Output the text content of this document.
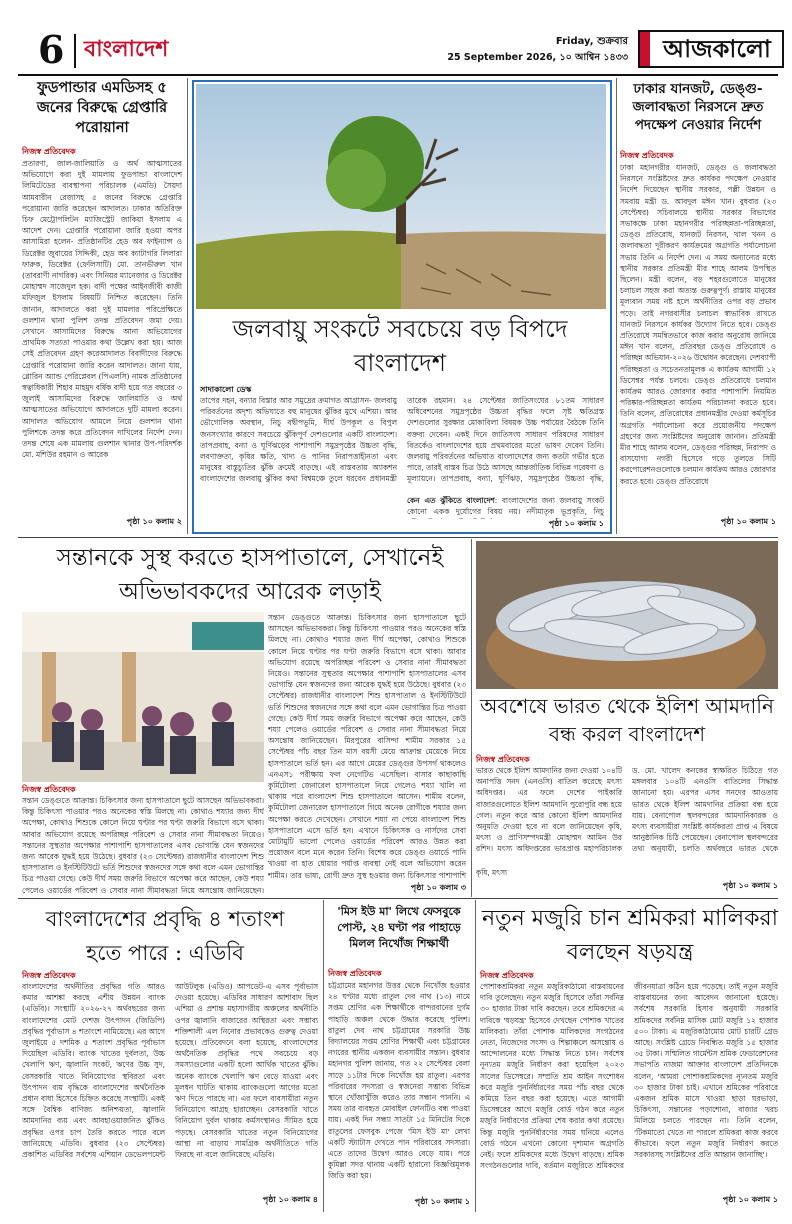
6 বাংলাদেশ	Friday, শুক্রবার
25 September 2026, ১০ আশ্বিন ১৪৩৩	আজকালো
ফুডপান্ডার এমডিসহ ৫ জনের বিরুদ্ধে গ্রেপ্তারি পরোয়ানা
নিজস্ব প্রতিবেদক
প্রতারণা, জাল-জালিয়াতি ও অর্থ আত্মসাতের অভিযোগে করা দুই মামলায় ফুডপান্ডা বাংলাদেশ লিমিটেডের ব্যবস্থাপনা পরিচালক (এমডি) সৈয়দা আমবারীন রেজাসহ ৫ জনের বিরুদ্ধে গ্রেপ্তারি পরোয়ানা জারি করেছেন আদালত। ঢাকার অতিরিক্ত চিফ মেট্রোপলিটন ম্যাজিস্ট্রেট জাকিয়া ইসলাম এ আদেশ দেন। গ্রেপ্তারি পরোয়ানা জারি হওয়া অপর আসামিরা হলেন- প্রতিষ্ঠানটির হেড অব ফাইন্যান্স ও ডিরেক্টর জুবায়ের সিদ্দিকী, হেড অব ক্যাটাগরি লিলারা ফারুক, ডিরেক্টর (ফেলিসাটি) মো. তানভীরুল খান (তাবরাণী নাগরিক) এবং সিনিয়র ম্যানেজার ও ডিরেক্টর মোহাম্মদ সাজেদুল হক। বাদী পক্ষের আইনজীবী কাজী মফিজুল ইসলাম বিষয়টি নিশ্চিত করেছেন। তিনি জানান, আদালতে করা দুই মামলার পরিপ্রেক্ষিতে গুলশান থানা পুলিশ তদন্ত প্রতিবেদন জমা দেয়। সেখানে আসামিদের বিরুদ্ধে আনা অভিযোগের প্রাথমিক সত্যতা পাওয়ার কথা উল্লেখ করা হয়। আজ সেই প্রতিবেদন গ্রহণ করেআদালত বিবাদীদের বিরুদ্ধে গ্রেপ্তারি পরোয়ানা জারি করেন আদালত। জানা যায়, গ্লোরিন অ্যান্ড পেরিপ্লেবল (পিএলসি) নামক প্রতিষ্ঠানের স্বত্বাধিকারী শিহাব মাহমুদ বর্ষিক বাদী হয়ে গত বছরের ৩ জুলাই আসামিদের বিরুদ্ধে জালিয়াতি ও অর্থ আত্মসাতের অভিযোগে আদালতে দুটি মামলা করেন। আদালত অভিযোগ আমলে নিয়ে গুলশান থানা পুলিশকে তদন্ত করে প্রতিবেদন দাখিলের নির্দেশ দেন। তদন্ত শেষে এক মামলায় গুলশান থানার উপ-পরিদর্শক মো. মশিউর রহমান ও আরেক
পৃষ্ঠা ১০ কলাম ২
জলবায়ু সংকটে সবচেয়ে বড় বিপদে বাংলাদেশ
সাদাকালো ডেস্ক
তাপের দহন, বন্যার বিস্তার আর সমুদ্রের ক্রমাগত আগ্রাসন- জলবায়ু পরিবর্তনের অদৃশ্য অভিঘাতে বহু মানুষের ঝুঁকির মুখে এশিয়া। আর ভৌগোলিক অবস্থান, নিচু বদ্বীপভূমি, দীর্ঘ উপকূল ও বিপুল জনসংখ্যার কারণে সবচেয়ে ঝুঁকিপূর্ণ দেশগুলোর একটি বাংলাদেশ। তাপপ্রবাহ, বন্যা ও ঘূর্ণিঝড়ের পাশাপাশি সমুদ্রপৃষ্ঠের উচ্চতা বৃদ্ধি, লবণাক্ততা, কৃষির ক্ষতি, খাদ্য ও পানির নিরাপত্তাহীনতা এবং মানুষের বাস্তুচ্যুতির ঝুঁকি ক্রমেই বাড়ছে। এই বাস্তবতায় অ্যাকশন বাংলাদেশের জলবায়ু ঝুঁকির কথা বিশ্বমঞ্চে তুলে ধরবেন প্রধানমন্ত্রী তারেক রহমান। ২৪ সেপ্টেম্বর জাতিসংঘের ৮১তম সাধারণ অধিবেশনের সমুদ্রপৃষ্ঠের উচ্চতা বৃদ্ধির ফলে সৃষ্ট ক্ষতিগ্রস্ত দেশগুলোর সুরক্ষার মোকাবিলা বিষয়ক উচ্চ পর্যায়ের বৈঠকে তিনি বক্তব্য দেবেন। একই দিনে জাতিসংঘ সাধারণ পরিষদের সাধারণ বিতর্কেও বাংলাদেশের হয়ে প্রথমবারের মতো ভাষণ দেবেন তিনি। জলবায়ু পরিবর্তনের অভিঘাত বাংলাদেশের জন্য কতটা গভীর হতে পারে, তারই বাস্তব চিত্র উঠে আসছে আন্তর্জাতিক বিভিন্ন গবেষণা ও মূল্যায়নে। তাপপ্রবাহ, বন্যা, ঘূর্ণিঝড়, সমুদ্রপৃষ্ঠের উচ্চতা বৃদ্ধি,
কেন এত ঝুঁকিতে বাংলাদেশ: বাংলাদেশের জন্য জলবায়ু সংকট কোনো একক দুর্যোগের বিষয় নয়। নদীমাতৃক ভূপ্রকৃতি, নিচু
পৃষ্ঠা ১০ কলাম ১
ঢাকার যানজট, ডেঙ্গু-জলাবদ্ধতা নিরসনে দ্রুত পদক্ষেপ নেওয়ার নির্দেশ
নিজস্ব প্রতিবেদক
ঢাকা মহানগরীর যানজট, ডেঙ্গু ও জলাবদ্ধতা নিরসনে সংশ্লিষ্টদের দ্রুত কার্যকর পদক্ষেপ নেওয়ার নির্দেশ দিয়েছেন স্থানীয় সরকার, পল্লী উন্নয়ন ও সমবায় মন্ত্রী ড. আবদুল মঈন খান। বুধবার (২৩ সেপ্টেম্বর) সচিবালয়ে স্থানীয় সরকার বিভাগের সভাকক্ষে ঢাকা মহানগরীর পরিচ্ছন্নতা-পরিচ্ছন্নতা, ডেঙ্গু প্রতিরোধ, যানজট নিরসন, খাল খনন ও জলাবদ্ধতা দূরীকরণ কার্যক্রমের অগ্রগতি পর্যালোচনা সভায় তিনি এ নির্দেশ দেন। এ সময় অন্যান্যের মধ্যে স্থানীয় সরকার প্রতিমন্ত্রী মীর শাহে আলম উপস্থিত ছিলেন। মন্ত্রী বলেন, বড় শহরগুলোতে মানুষের চলাচল সহজ করা অত্যন্ত গুরুত্বপূর্ণ। রাস্তায় মানুষের মূল্যবান সময় নষ্ট হলে অর্থনীতির ওপর বড় প্রভাব পড়ে। তাই নগরবাসীর চলাচল স্বাভাবিক রাখতে যানজট নিরসনে কার্যকর উদ্যোগ নিতে হবে। ডেঙ্গু প্রতিরোধে সমন্বিতভাবে কাজ করার অনুরোধ জানিয়ে মঈন খান বলেন, প্রতিবছর ডেঙ্গু প্রতিরোধে ও পরিচ্ছন্ন অভিযান-২০২৬ উদ্বোধন করেছেন। দেশব্যাপী পরিচ্ছন্নতা ও সচেতনতামূলক এ কার্যক্রম আগামী ১২ ডিসেম্বর পর্যন্ত চলবে। ডেঙ্গু প্রতিরোধে চলমান কার্যক্রম আরও জোরদার করার পাশাপাশি নিয়মিত পরিষ্কার-পরিচ্ছন্নতা কার্যক্রম পরিচালনা করতে হবে। তিনি বলেন, প্রতিরোধের প্রধানমন্ত্রীর দেওয়া কর্মসূচির অগ্রগতি পর্যালোচনা করে প্রয়োজনীয় পদক্ষেপ গ্রহণের জন্য সংশ্লিষ্টদের অনুরোধ জানান। প্রতিমন্ত্রী মীর শাহে আলম বলেন, ডেঙ্গুর পরিচ্ছন্ন, নিরাপদ ও বাসযোগ্য নগরী হিসেবে গড়ে তুলতে সিটি করপোরেশনগুলোকে চলমান কার্যক্রম আরও জোরদার করতে হবে। ডেঙ্গু প্রতিরোধে
পৃষ্ঠা ১০ কলাম ১
সন্তানকে সুস্থ করতে হাসপাতালে, সেখানেই অভিভাবকদের আরেক লড়াই
নিজস্ব প্রতিবেদক
সন্তান ডেঙ্গুতে আক্রান্ত। চিকিৎসার জন্য হাসপাতালে ছুটে আসছেন অভিভাবকরা। কিন্তু চিকিৎসা পাওয়ার পরও অনেকের স্বস্তি মিলছে না। কোথাও শয্যার জন্য দীর্ঘ অপেক্ষা, কোথাও শিশুকে কোলে নিয়ে ঘণ্টার পর ঘণ্টা জরুরি বিভাগে বসে থাকা। আবার অভিযোগ রয়েছে অপরিচ্ছন্ন পরিবেশ ও সেবার নানা সীমাবদ্ধতা নিয়েও। সন্তানের সুস্থতার অপেক্ষার পাশাপাশি হাসপাতালের এসব ভোগান্তি যেন স্বজনদের জন্য আরেক যুদ্ধই হয়ে উঠেছে। বুধবার (২৩ সেপ্টেম্বর) রাজধানীর বাংলাদেশ শিশু হাসপাতাল ও ইনস্টিটিউটে ভর্তি শিশুদের স্বজনদের সঙ্গে কথা বলে এমন ভোগান্তির চিত্র পাওয়া গেছে। কেউ দীর্ঘ সময় জরুরি বিভাগে অপেক্ষা করে আছেন, কেউ শয্যা পেলেও ওয়ার্ডের পরিবেশ ও সেবার নানা সীমাবদ্ধতা নিয়ে অসন্তোষ জানিয়েছেন।
সন্তান ডেঙ্গুতে আক্রান্ত। চিকিৎসার জন্য হাসপাতালে ছুটে আসছেন অভিভাবকরা। কিন্তু চিকিৎসা পাওয়ার পরও অনেকের স্বস্তি মিলছে না। কোথাও শয্যার জন্য দীর্ঘ অপেক্ষা, কোথাও শিশুকে কোলে নিয়ে ঘণ্টার পর ঘণ্টা জরুরি বিভাগে বসে থাকা। আবার অভিযোগ রয়েছে অপরিচ্ছন্ন পরিবেশ ও সেবার নানা সীমাবদ্ধতা নিয়েও। সন্তানের সুস্থতার অপেক্ষার পাশাপাশি হাসপাতালের এসব ভোগান্তি যেন স্বজনদের জন্য আরেক যুদ্ধই হয়ে উঠেছে। বুধবার (২৩ সেপ্টেম্বর) রাজধানীর বাংলাদেশ শিশু হাসপাতাল ও ইনস্টিটিউটে ভর্তি শিশুদের স্বজনদের সঙ্গে কথা বলে এমন ভোগান্তির চিত্র পাওয়া গেছে। কেউ দীর্ঘ সময় জরুরি বিভাগে অপেক্ষা করে আছেন, কেউ শয্যা পেলেও ওয়ার্ডের পরিবেশ ও সেবার নানা সীমাবদ্ধতা নিয়ে অসন্তোষ জানিয়েছেন। মিরপুরের বাসিন্দা শামীম সরকার ১৫ সেপ্টেম্বর পাঁচ বছর তিন মাস বয়সী মেয়ে আক্রান্ত মেয়েকে নিয়ে হাসপাতালে ভর্তি হন। এর আগে মেয়ের ডেঙ্গুর উপসর্গ থাকলেও এনএস১ পরীক্ষায় ফল নেগেটিভ এসেছিল। বাসার কাছাকাছি কুর্মিটোলা জেনারেল হাসপাতালে নিয়ে গেলেও শয্যা খালি না থাকায় পরে বাংলাদেশ শিশু হাসপাতালে আসেন। শামীম বলেন, কুর্মিটোলা জেনারেল হাসপাতালে গিয়ে অনেক রোগীকে শয্যার জন্য অপেক্ষা করতে দেখেছেন। সেখানে শয্যা না পেয়ে বাংলাদেশ শিশু হাসপাতালে এসে ভর্তি হন। এখানে চিকিৎসক ও নার্সদের সেবা মোটামুটি ভালো পেলেও ওয়ার্ডের পরিবেশ আরও উন্নত করা প্রয়োজন বলে মনে করেন তিনি। বিশেষ করে ডেঙ্গু ওয়ার্ডে পানি খাওয়া বা হাত ধোয়ার পর্যাপ্ত ব্যবস্থা নেই বলে অভিযোগ করেন শামীম। তার ভাষ্য, রোগী দ্রুত সুস্থ হওয়ার জন্য চিকিৎসার পাশাপাশি
পৃষ্ঠা ১০ কলাম ৩
অবশেষে ভারত থেকে ইলিশ আমদানি বন্ধ করল বাংলাদেশ
নিজস্ব প্রতিবেদক
ভারত থেকে ইলিশ আমদানির জন্য দেওয়া ১০৪টি অনাপত্তি সনদ (এনওসি) বাতিল করেছে মৎস্য অধিদপ্তর। এর ফলে দেশের পাইকারি বাজারগুলোতে ইলিশ আমদানি পুরোপুরি বন্ধ হয়ে গেল। নতুন করে আর কোনো ইলিশ আমদানির অনুমতি দেওয়া হবে না বলে জানিয়েছেন কৃষি, মৎস্য ও প্রাণিসম্পদমন্ত্রী মোহাম্মদ আমিন উর রশিদ। মৎস্য অধিদপ্তরের ভারপ্রাপ্ত মহাপরিচালক ড. মো. খালেদ কনকের স্বাক্ষরিত চিঠিতে গত মঙ্গলবার ১০৪টি এনওসি বাতিলের সিদ্ধান্ত জানানো হয়। এরপর এসব সনদের আওতায় ভারত থেকে ইলিশ আমদানির প্রক্রিয়া বন্ধ হয়ে যায়। বেনাপোল স্থলবন্দরের আমদানিকারক ও মৎস্য ব্যবসায়ীরা সংশ্লিষ্ট কার্যকরতা প্রাপ্ত এ বিষয়ে আনুষ্ঠানিক চিঠি পেয়েছেন। বেনাপোল স্থলবন্দরের তথ্য অনুযায়ী, চলতি অর্থবছরে ভারত থেকে
কৃষি, মৎস্য
পৃষ্ঠা ১০ কলাম ১
বাংলাদেশের প্রবৃদ্ধি ৪ শতাংশ হতে পারে : এডিবি
নিজস্ব প্রতিবেদক
বাংলাদেশের অর্থনীতির প্রবৃদ্ধির গতি আরও কমার আশঙ্কা করছে এশীয় উন্নয়ন ব্যাংক (এডিবি)। সংস্থাটি ২০২৬-২৭ অর্থবছরের জন্য বাংলাদেশের মোট দেশজ উৎপাদন (জিডিপি) প্রবৃদ্ধির পূর্বাভাস ৪ শতাংশে নামিয়েছে। এর আগে জুলাইয়ে ৫ দশমিক ৫ শতাংশ প্রবৃদ্ধির পূর্বাভাস দিয়েছিল এডিবি। ব্যাংক খাতের দুর্বলতা, উচ্চ খেলাপি ঋণ, জ্বালানি সংকট, ঋণের উচ্চ সুদ, বেসরকারি খাতে বিনিয়োগের স্থবিরতা এবং উৎপাদন ব্যয় বৃদ্ধিকে বাংলাদেশের অর্থনৈতিক প্রধান বাধা হিসেবে চিহ্নিত করেছে সংস্থাটি। একই সঙ্গে বৈশ্বিক বাণিজ্য অনিশ্চয়তা, জ্বালানি আমদানির ব্যয় এবং আবহাওয়াজনিত ঝুঁকিও প্রবৃদ্ধির ওপর চাপ তৈরি করতে পারে বলে জানিয়েছে এডিবি। বুধবার (২৩ সেপ্টেম্বর) প্রকাশিত এডিবির সর্বশেষ এশিয়ান ডেভেলপমেন্ট আউটলুক (এডিও) আপডেট-এ এসব পূর্বাভাস দেওয়া হয়েছে। এডিবির সাধারণ আশাবাদ ছিল এশিয়া ও প্রশান্ত মহাসাগরীয় অঞ্চলের অর্থনীতি ওপর জ্বালানি বাজারের অস্থিরতা এবং সম্ভাব্য শক্তিশালী এল নিনোর প্রভাবকেও গুরুত্ব দেওয়া হয়েছে। প্রতিবেদনে বলা হয়েছে, বাংলাদেশের অর্থনৈতিক প্রবৃদ্ধির পথে সবচেয়ে বড় সমস্যাগুলোর একটি হলো আর্থিক খাতের ঝুঁকি। অনেক ব্যাংকে খেলাপি ঋণ বেড়ে যাওয়া এবং মূলধন ঘাটতি থাকায় ব্যাংকগুলো আগের মতো ঋণ দিতে পারছে না। এর ফলে ব্যবসায়ীরা নতুন বিনিয়োগে আগ্রহ হারাচ্ছেন। বেসরকারি খাতে বিনিয়োগ দুর্বল থাকায় কর্মসংস্থানও সীমিত হয়ে পড়ছে। বেসরকারি খাতের নতুন বিনিয়োগের আস্থা না বাড়ায় সামগ্রিক অর্থনীতিতে গতি ফিরছে না বলে জানিয়েছে এডিবি।
পৃষ্ঠা ১০ কলাম ৪
'মিস ইউ মা' লিখে ফেসবুকে পোস্ট, ২৪ ঘণ্টা পর পাহাড়ে মিলল নিখোঁজ শিক্ষার্থী
নিজস্ব প্রতিবেদক
চট্টগ্রামের মহানগর উত্তর থেকে নিখোঁজ হওয়ার ২৪ ঘণ্টার মধ্যে রাতুল দেব নাথ (১৩) নামে সপ্তম শ্রেণির এক শিক্ষার্থীকে বান্দরবানের দুর্গম পাহাড়ি অঞ্চল থেকে উদ্ধার করেছে পুলিশ। রাতুল দেব নাথ চট্টগ্রামের সরকারি উচ্চ বিদ্যালয়ের সপ্তম শ্রেণির শিক্ষার্থী এবং চট্টগ্রামের নগরের স্থানীয় একজন ব্যবসায়ীর সন্তান। বুধবার মহানগর পুলিশ জানায়, গত ২২ সেপ্টেম্বর বেলা সাড়ে ১১টার দিকে নিখোঁজ হয় রাতুল। এরপর পরিবারের সদস্যরা ও স্বজনেরা সম্ভাব্য বিভিন্ন স্থানে খোঁজাখুঁজি করেও তার সন্ধান পাননি। এ সময় তার ব্যবহৃত মোবাইল ফোনটিও বন্ধ পাওয়া যায়। একই দিন সন্ধ্যা সাতটা ১৫ মিনিটের দিকে রাতুলের ফেসবুক পেজে 'মিস ইউ মা' লেখা একটি স্ট্যাটাস দেখতে পান পরিবারের সদস্যরা। এতে তাদের উদ্বেগ আরও বেড়ে যায়। পরে কুমিল্লা সদর থানায় একটি হারানো বিজ্ঞপ্তিমূলক জিডি করা হয়।
পৃষ্ঠা ১০ কলাম ১
নতুন মজুরি চান শ্রমিকরা মালিকরা বলছেন ষড়যন্ত্র
নিজস্ব প্রতিবেদক
পোশাকশ্রমিকরা নতুন মজুরিকাঠামো বাস্তবায়নের দাবি তুলেছেন। নতুন মজুরি হিসেবে তাঁরা সর্বনিম্ন ৩০ হাজার টাকা দাবি করছেন। তবে শ্রমিকদের এ দাবিকে 'ষড়যন্ত্র' হিসেবে দেখছেন পোশাক খাতের মালিকরা। তাঁরা পোশাক মালিকদের সংগঠনের নেতা, নিজেদের সংসদ ও শিল্পাঞ্চলে অসন্তোষ ও আন্দোলনের মধ্যে সিদ্ধান্ত নিতে চান। সর্বশেষ নূন্যতম মজুরি নির্ধারণ করা হয়েছিল ২০২৩ সালের ডিসেম্বরে। সম্প্রতি শ্রম আইন সংশোধন করে মজুরি পুনর্নির্ধারণের সময় পাঁচ বছর থেকে কমিয়ে তিন বছর করা হয়েছে। এতে আগামী ডিসেম্বরের আগে মজুরি বোর্ড গঠন করে নতুন মজুরি নির্ধারণের প্রক্রিয়া শেষ করার কথা রয়েছে। কিন্তু মজুরি পুনর্নির্ধারণের সময় ঘনিয়ে এলেও বোর্ড গঠনে এখনো কোনো দৃশ্যমান অগ্রগতি নেই। ফলে শ্রমিকদের মধ্যে উদ্বেগ বাড়ছে। শ্রমিক সংগঠনগুলোর দাবি, বর্তমান মজুরিতে শ্রমিকদের জীবনযাত্রা কঠিন হয়ে পড়েছে। তাই নতুন মজুরি বাস্তবায়নের জন্য আবেদন জানানো হয়েছে। সর্বশেষ সরকারি হিসাব অনুযায়ী সরকারি শ্রমিকদের সর্বনিম্ন মাসিক মোট মজুরি ১২ হাজার ৫০০ টাকা। এ মজুরিকাঠামোয় মোট চারটি গ্রেড আছে। সংশ্লিষ্ট গ্রেডে নিবন্ধিত মজুরি ১৫ হাজার ৩৫ টাকা। সম্মিলিত গার্মেন্টস শ্রমিক ফেডারেশনের সভাপতি নাজমা আক্তার বাংলাদেশ প্রতিদিনকে বলেন, 'আমরা পোশাকশ্রমিকদের ন্যূনতম মজুরি ৩০ হাজার টাকা চাই। এখানে শ্রমিকের পরিবারে একজন শ্রমিক মাসে খাওয়া ছাড়া ঘরভাড়া, চিকিৎসা, সন্তানের পড়াশোনা, বাজার খরচ মিলিয়ে চলতে পারছেন না। তিনি বলেন, 'টিকমাতো খেতে না পারলে শ্রমিকরা কাজ করবে কীভাবে। ফলে নতুন মজুরি নির্ধারণ করতে সরকারসহ সংশ্লিষ্টদের প্রতি আহ্বান জানাচ্ছি'।
পৃষ্ঠা ১০ কলাম ১
